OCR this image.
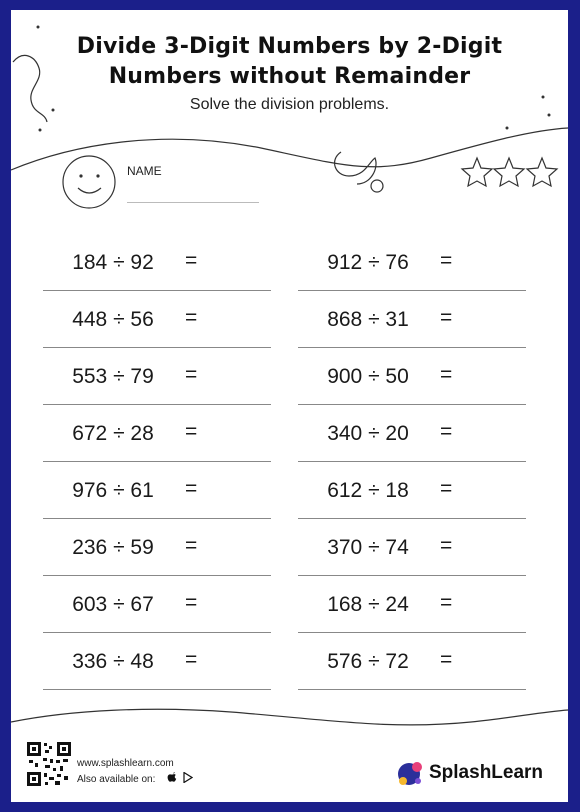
Divide 3-Digit Numbers by 2-Digit
Numbers without Remainder
Solve the division problems.
NAME
184 ÷ 92	=
448 ÷ 56	=
553 ÷ 79	=
672 ÷ 28	=
976 ÷ 61	=
236 ÷ 59	=
603 ÷ 67	=
336 ÷ 48	=
912 ÷ 76	=
868 ÷ 31	=
900 ÷ 50	=
340 ÷ 20	=
612 ÷ 18	=
370 ÷ 74	=
168 ÷ 24	=
576 ÷ 72	=
www.splashlearn.com
Also available on:
	SplashLearn
